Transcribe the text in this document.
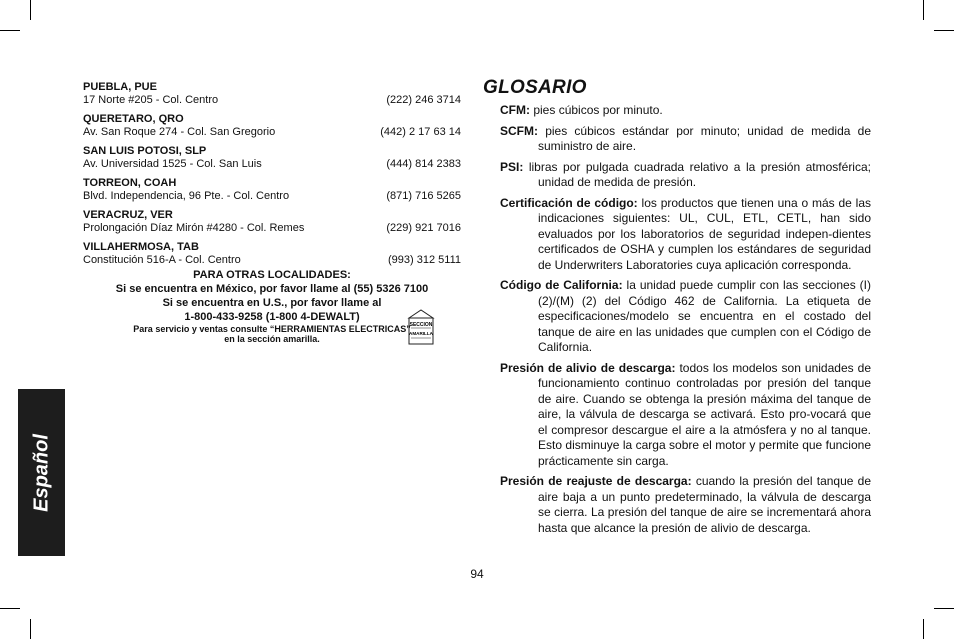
PUEBLA, PUE
17 Norte #205 - Col. Centro	(222) 246 3714
QUERETARO, QRO
Av. San Roque 274 - Col. San Gregorio	(442) 2 17 63 14
SAN LUIS POTOSI, SLP
Av. Universidad 1525 - Col. San Luis	(444) 814 2383
TORREON, COAH
Blvd. Independencia, 96 Pte. - Col. Centro	(871) 716 5265
VERACRUZ, VER
Prolongación Díaz Mirón #4280 - Col. Remes	(229) 921 7016
VILLAHERMOSA, TAB
Constitución 516-A - Col. Centro	(993) 312 5111
PARA OTRAS LOCALIDADES:
Si se encuentra en México, por favor llame al (55) 5326 7100
Si se encuentra en U.S., por favor llame al
1-800-433-9258 (1-800 4-DEWALT)
Para servicio y ventas consulte “HERRAMIENTAS ELECTRICAS”
en la sección amarilla.
SECCION
AMARILLA
Español
GLOSARIO
CFM: pies cúbicos por minuto.
SCFM: pies cúbicos estándar por minuto; unidad de medida de suministro de aire.
PSI: libras por pulgada cuadrada relativo a la presión atmosférica; unidad de medida de presión.
Certificación de código: los productos que tienen una o más de las indicaciones siguientes: UL, CUL, ETL, CETL, han sido evaluados por los laboratorios de seguridad indepen-dientes certificados de OSHA y cumplen los estándares de seguridad de Underwriters Laboratories cuya aplicación corresponda.
Código de California: la unidad puede cumplir con las secciones (I) (2)/(M) (2) del Código 462 de California. La etiqueta de especificaciones/modelo se encuentra en el costado del tanque de aire en las unidades que cumplen con el Código de California.
Presión de alivio de descarga: todos los modelos son unidades de funcionamiento continuo controladas por presión del tanque de aire. Cuando se obtenga la presión máxima del tanque de aire, la válvula de descarga se activará. Esto pro-vocará que el compresor descargue el aire a la atmósfera y no al tanque. Esto disminuye la carga sobre el motor y permite que funcione prácticamente sin carga.
Presión de reajuste de descarga: cuando la presión del tanque de aire baja a un punto predeterminado, la válvula de descarga se cierra. La presión del tanque de aire se incrementará ahora hasta que alcance la presión de alivio de descarga.
94
